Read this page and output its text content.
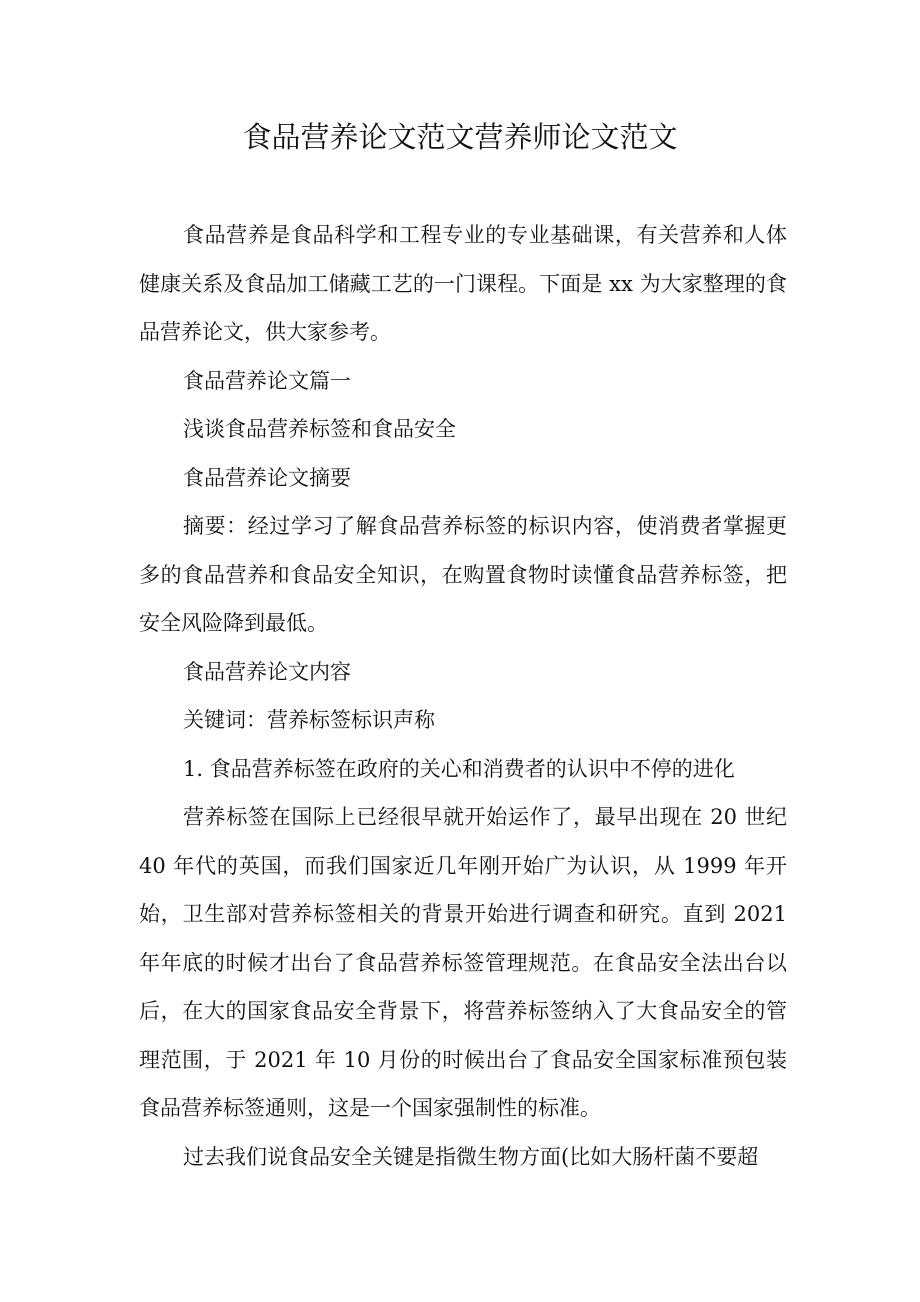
食品营养论文范文营养师论文范文

食品营养是食品科学和工程专业的专业基础课，有关营养和人体健康关系及食品加工储藏工艺的一门课程。下面是 xx 为大家整理的食品营养论文，供大家参考。

食品营养论文篇一

浅谈食品营养标签和食品安全

食品营养论文摘要

摘要：经过学习了解食品营养标签的标识内容，使消费者掌握更多的食品营养和食品安全知识，在购置食物时读懂食品营养标签，把安全风险降到最低。

食品营养论文内容

关键词：营养标签标识声称

1. 食品营养标签在政府的关心和消费者的认识中不停的进化

营养标签在国际上已经很早就开始运作了，最早出现在 20 世纪 40 年代的英国，而我们国家近几年刚开始广为认识，从 1999 年开始，卫生部对营养标签相关的背景开始进行调查和研究。直到 2021 年年底的时候才出台了食品营养标签管理规范。在食品安全法出台以后，在大的国家食品安全背景下，将营养标签纳入了大食品安全的管理范围，于 2021 年 10 月份的时候出台了食品安全国家标准预包装食品营养标签通则，这是一个国家强制性的标准。

过去我们说食品安全关键是指微生物方面(比如大肠杆菌不要超
